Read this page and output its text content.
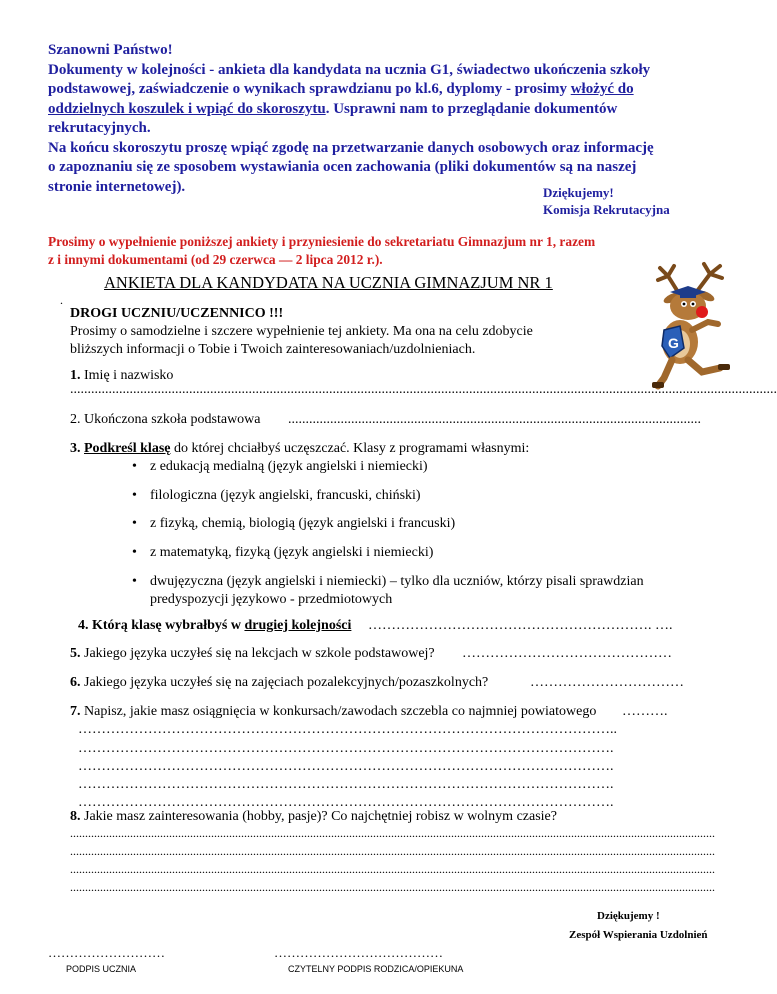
Szanowni Państwo!
Dokumenty w kolejności - ankieta dla kandydata na ucznia G1, świadectwo ukończenia szkoły
podstawowej, zaświadczenie o wynikach sprawdzianu po kl.6, dyplomy - prosimy włożyć do
oddzielnych koszulek i wpiąć do skoroszytu. Usprawni nam to przeglądanie dokumentów
rekrutacyjnych.
Na końcu skoroszytu proszę wpiąć zgodę na przetwarzanie danych osobowych oraz informację
o zapoznaniu się ze sposobem wystawiania ocen zachowania (pliki dokumentów są na naszej
stronie internetowej).	Dziękujemy!
Komisja Rekrutacyjna
Prosimy o wypełnienie poniższej ankiety i przyniesienie do sekretariatu Gimnazjum nr 1, razem
z i innymi dokumentami (od 29 czerwca — 2 lipca 2012 r.).
ANKIETA DLA KANDYDATA NA UCZNIA GIMNAZJUM NR 1
.
G
DROGI UCZNIU/UCZENNICO !!!
Prosimy o samodzielne i szczere wypełnienie tej ankiety. Ma ona na celu zdobycie
bliższych informacji o Tobie i Twoich zainteresowaniach/uzdolnieniach.
1. Imię i nazwisko
..........................................................................................................................................................................................................
2. Ukończona szkoła podstawowa ......................................................................................................................
3. Podkreśl klasę do której chciałbyś uczęszczać. Klasy z programami własnymi:
• z edukacją medialną (język angielski i niemiecki)
• filologiczna (język angielski, francuski, chiński)
• z fizyką, chemią, biologią (język angielski i francuski)
• z matematyką, fizyką (język angielski i niemiecki)
• dwujęzyczna (język angielski i niemiecki) – tylko dla uczniów, którzy pisali sprawdzian
predyspozycji językowo - przedmiotowych
4. Którą klasę wybrałbyś w drugiej kolejności ……………………………………………………. ….
5. Jakiego języka uczyłeś się na lekcjach w szkole podstawowej? ………………………………………
6. Jakiego języka uczyłeś się na zajęciach pozalekcyjnych/pozaszkolnych?	……………………………
7. Napisz, jakie masz osiągnięcia w konkursach/zawodach szczebla co najmniej powiatowego ……….
……………………………………………………………………………………………………..
…………………………………………………………………………………………………….
…………………………………………………………………………………………………….
…………………………………………………………………………………………………….
…………………………………………………………………………………………………….
8. Jakie masz zainteresowania (hobby, pasje)? Co najchętniej robisz w wolnym czasie?
.......................................................................................................................................................................................................................
.......................................................................................................................................................................................................................
.......................................................................................................................................................................................................................
.......................................................................................................................................................................................................................
Dziękujemy !
Zespół Wspierania Uzdolnień
………………………
PODPIS UCZNIA
…………………………………
CZYTELNY PODPIS RODZICA/OPIEKUNA
